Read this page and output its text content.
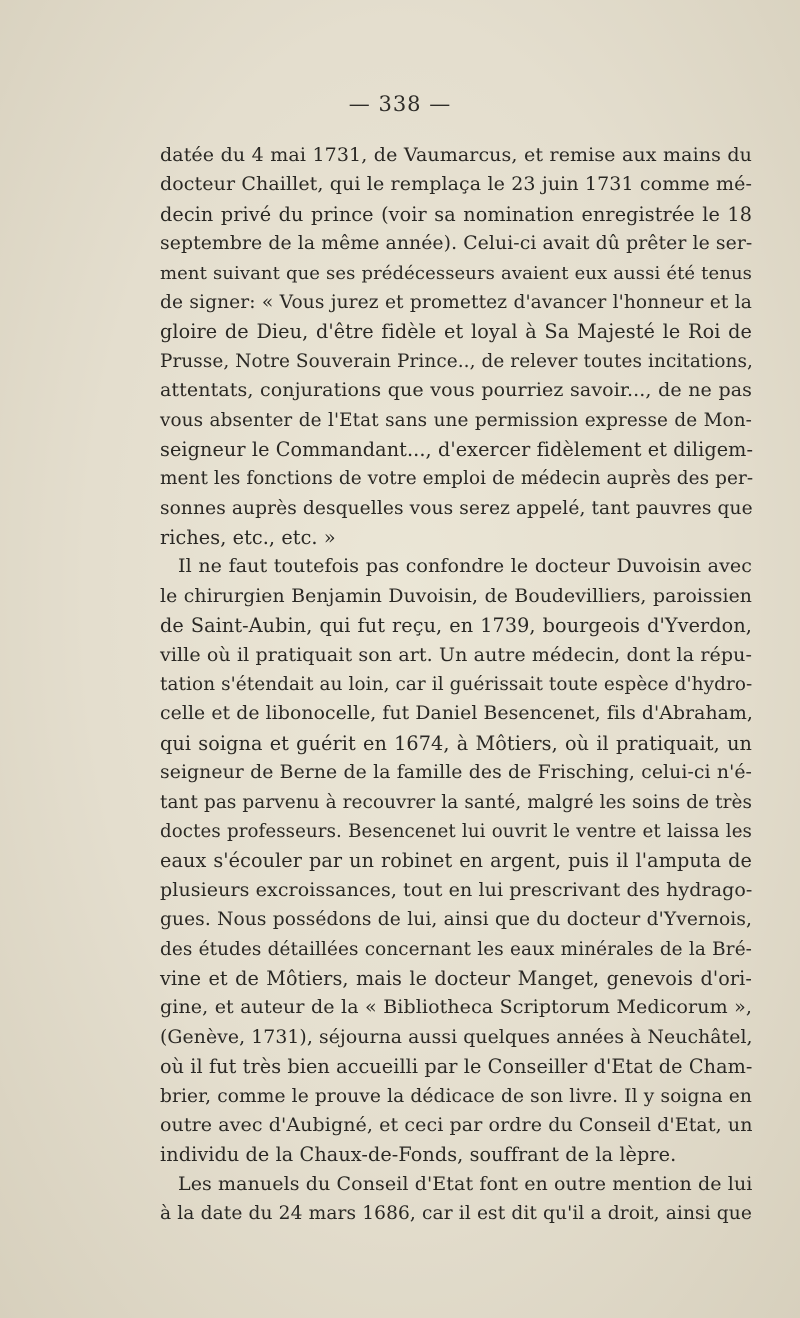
— 338 —
datée du 4 mai 1731, de Vaumarcus, et remise aux mains du
docteur Chaillet, qui le remplaça le 23 juin 1731 comme mé-
decin privé du prince (voir sa nomination enregistrée le 18
septembre de la même année). Celui-ci avait dû prêter le ser-
ment suivant que ses prédécesseurs avaient eux aussi été tenus
de signer: « Vous jurez et promettez d'avancer l'honneur et la
gloire de Dieu, d'être fidèle et loyal à Sa Majesté le Roi de
Prusse, Notre Souverain Prince.., de relever toutes incitations,
attentats, conjurations que vous pourriez savoir..., de ne pas
vous absenter de l'Etat sans une permission expresse de Mon-
seigneur le Commandant..., d'exercer fidèlement et diligem-
ment les fonctions de votre emploi de médecin auprès des per-
sonnes auprès desquelles vous serez appelé, tant pauvres que
riches, etc., etc. »
Il ne faut toutefois pas confondre le docteur Duvoisin avec
le chirurgien Benjamin Duvoisin, de Boudevilliers, paroissien
de Saint-Aubin, qui fut reçu, en 1739, bourgeois d'Yverdon,
ville où il pratiquait son art. Un autre médecin, dont la répu-
tation s'étendait au loin, car il guérissait toute espèce d'hydro-
celle et de libonocelle, fut Daniel Besencenet, fils d'Abraham,
qui soigna et guérit en 1674, à Môtiers, où il pratiquait, un
seigneur de Berne de la famille des de Frisching, celui-ci n'é-
tant pas parvenu à recouvrer la santé, malgré les soins de très
doctes professeurs. Besencenet lui ouvrit le ventre et laissa les
eaux s'écouler par un robinet en argent, puis il l'amputa de
plusieurs excroissances, tout en lui prescrivant des hydrago-
gues. Nous possédons de lui, ainsi que du docteur d'Yvernois,
des études détaillées concernant les eaux minérales de la Bré-
vine et de Môtiers, mais le docteur Manget, genevois d'ori-
gine, et auteur de la « Bibliotheca Scriptorum Medicorum »,
(Genève, 1731), séjourna aussi quelques années à Neuchâtel,
où il fut très bien accueilli par le Conseiller d'Etat de Cham-
brier, comme le prouve la dédicace de son livre. Il y soigna en
outre avec d'Aubigné, et ceci par ordre du Conseil d'Etat, un
individu de la Chaux-de-Fonds, souffrant de la lèpre.
Les manuels du Conseil d'Etat font en outre mention de lui
à la date du 24 mars 1686, car il est dit qu'il a droit, ainsi que
